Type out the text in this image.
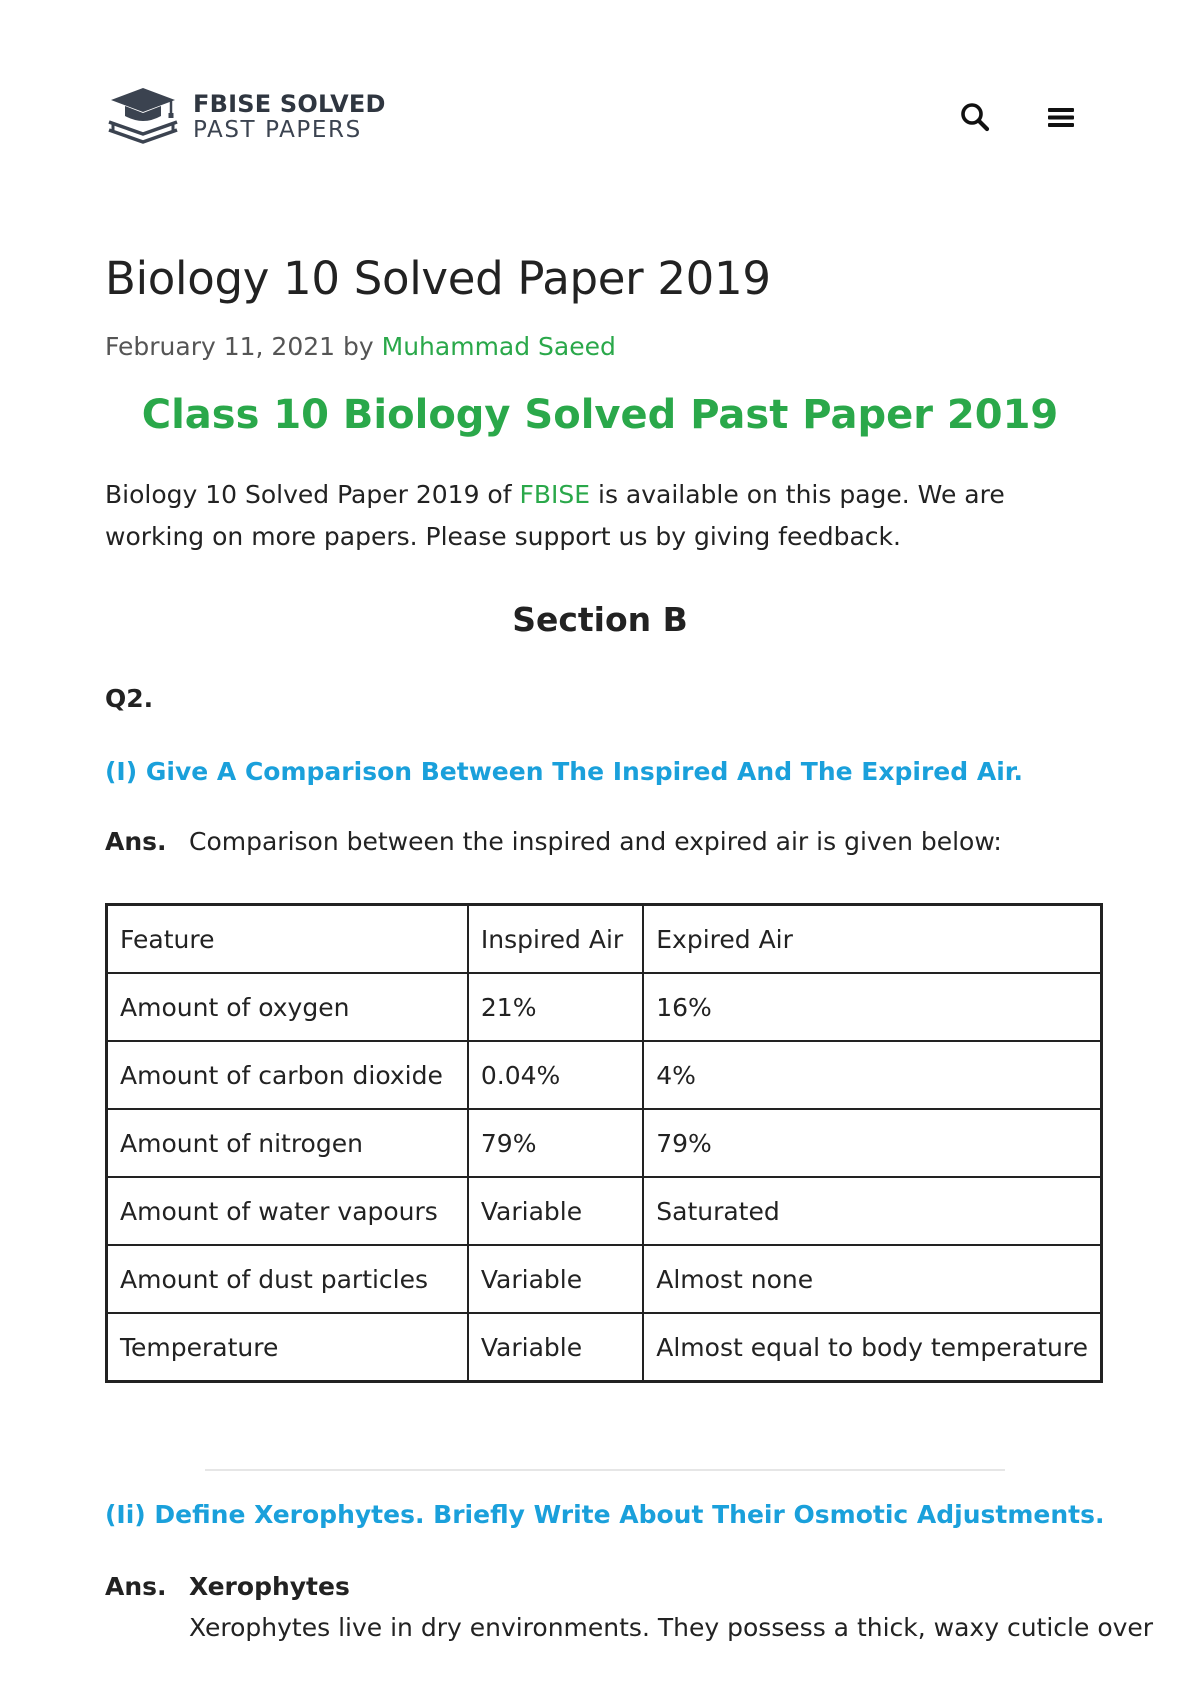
FBISE SOLVED
PAST PAPERS
Biology 10 Solved Paper 2019
February 11, 2021 by Muhammad Saeed
Class 10 Biology Solved Past Paper 2019

Biology 10 Solved Paper 2019 of FBISE is available on this page. We are working on more papers. Please support us by giving feedback.

Section B
Q2.
(I) Give A Comparison Between The Inspired And The Expired Air.
Ans. Comparison between the inspired and expired air is given below:
Feature	Inspired Air	Expired Air
Amount of oxygen	21%	16%
Amount of carbon dioxide	0.04%	4%
Amount of nitrogen	79%	79%
Amount of water vapours	Variable	Saturated
Amount of dust particles	Variable	Almost none
Temperature	Variable	Almost equal to body temperature
(Ii) Define Xerophytes. Briefly Write About Their Osmotic Adjustments.
Ans. Xerophytes
Xerophytes live in dry environments. They possess a thick, waxy cuticle over
